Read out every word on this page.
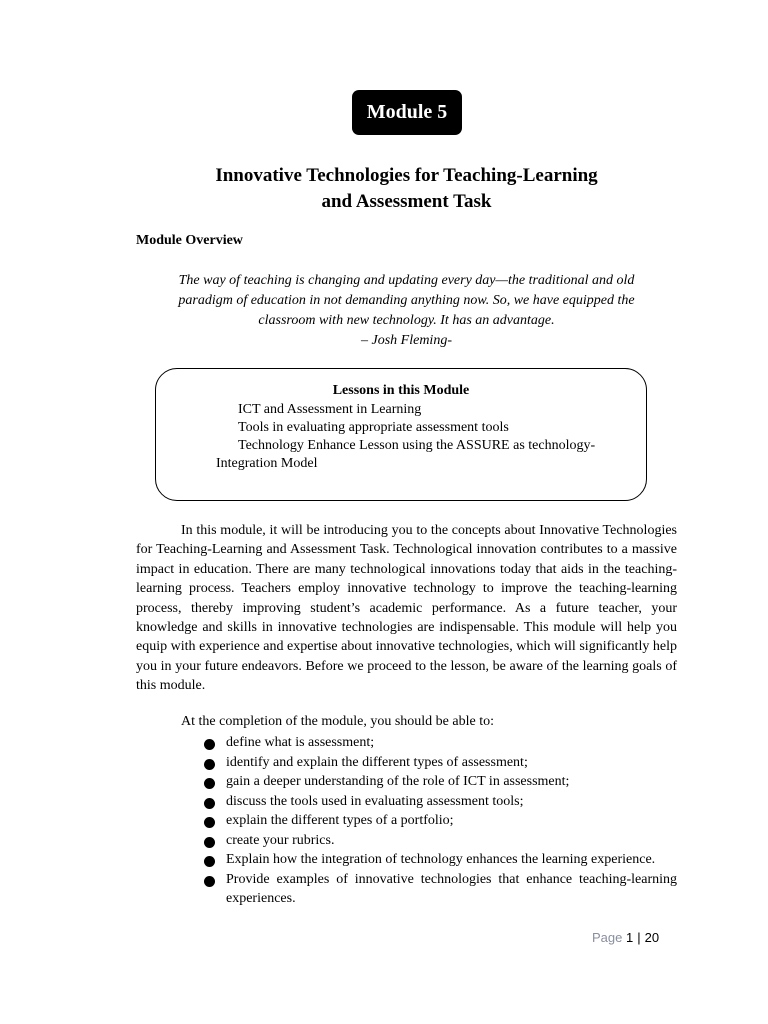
Module 5
Innovative Technologies for Teaching-Learning
and Assessment Task
Module Overview
The way of teaching is changing and updating every day—the traditional and old
paradigm of education in not demanding anything now. So, we have equipped the
classroom with new technology. It has an advantage.
– Josh Fleming-
Lessons in this Module
ICT and Assessment in Learning
Tools in evaluating appropriate assessment tools
Technology Enhance Lesson using the ASSURE as technology-
Integration Model

In this module, it will be introducing you to the concepts about Innovative Technologies for Teaching-Learning and Assessment Task. Technological innovation contributes to a massive impact in education. There are many technological innovations today that aids in the teaching-learning process. Teachers employ innovative technology to improve the teaching-learning process, thereby improving student’s academic performance. As a future teacher, your knowledge and skills in innovative technologies are indispensable. This module will help you equip with experience and expertise about innovative technologies, which will significantly help you in your future endeavors. Before we proceed to the lesson, be aware of the learning goals of this module.

At the completion of the module, you should be able to:
define what is assessment;
identify and explain the different types of assessment;
gain a deeper understanding of the role of ICT in assessment;
discuss the tools used in evaluating assessment tools;
explain the different types of a portfolio;
create your rubrics.
Explain how the integration of technology enhances the learning experience.
Provide examples of innovative technologies that enhance teaching-learning experiences.
Page 1 | 20
